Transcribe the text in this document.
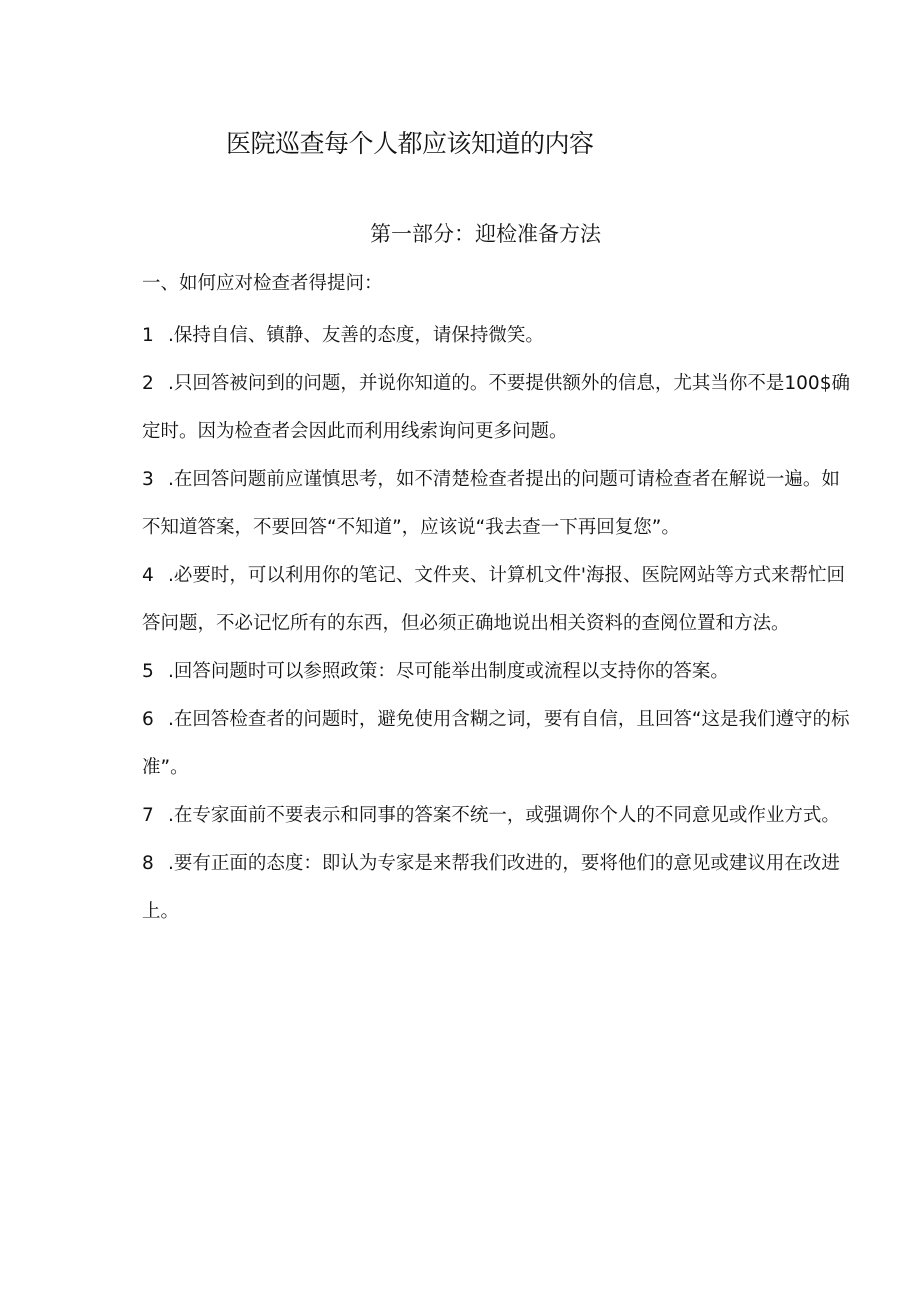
医院巡查每个人都应该知道的内容
第一部分：迎检准备方法
一、如何应对检查者得提问：

1 .保持自信、镇静、友善的态度，请保持微笑。

2 .只回答被问到的问题，并说你知道的。不要提供额外的信息，尤其当你不是100$确定时。因为检查者会因此而利用线索询问更多问题。

3 .在回答问题前应谨慎思考，如不清楚检查者提出的问题可请检查者在解说一遍。如不知道答案，不要回答“不知道”，应该说“我去查一下再回复您”。

4 .必要时，可以利用你的笔记、文件夹、计算机文件'海报、医院网站等方式来帮忙回答问题，不必记忆所有的东西，但必须正确地说出相关资料的查阅位置和方法。

5 .回答问题时可以参照政策：尽可能举出制度或流程以支持你的答案。

6 .在回答检查者的问题时，避免使用含糊之词，要有自信，且回答“这是我们遵守的标准”。

7 .在专家面前不要表示和同事的答案不统一，或强调你个人的不同意见或作业方式。

8 .要有正面的态度：即认为专家是来帮我们改进的，要将他们的意见或建议用在改进上。
